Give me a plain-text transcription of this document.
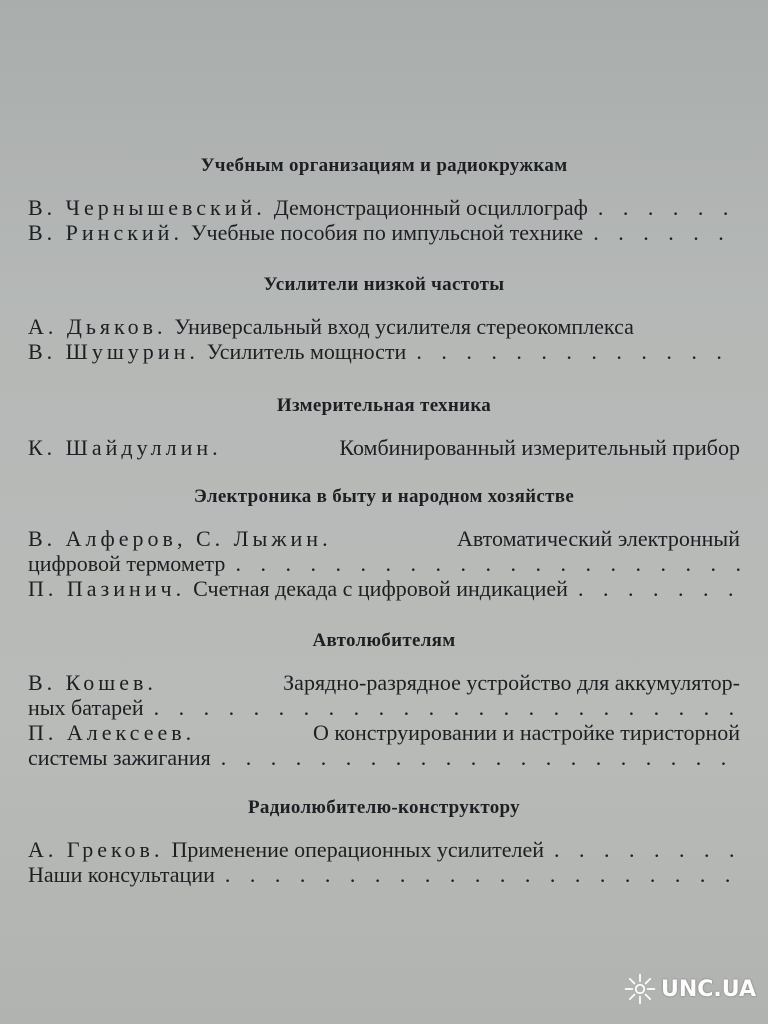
Учебным организациям и радиокружкам
В. Чернышевский. Демонстрационный осциллограф
. . .
В. Ринский. Учебные пособия по импульсной технике
. . .
Усилители низкой частоты
А. Дьяков. Универсальный вход усилителя стереокомплекса
В. Шушурин. Усилитель мощности
. . .
Измерительная техника
К. Шайдуллин.	Комбинированный измерительный прибор
Электроника в быту и народном хозяйстве
В. Алферов, С. Лыжин.	Автоматический электронный
цифровой термометр
. . .
П. Пазинич. Счетная декада с цифровой индикацией
. . .
Автолюбителям
В. Кошев.	Зарядно-разрядное устройство для аккумулятор-
ных батарей
. . .
П. Алексеев.	О конструировании и настройке тиристорной
системы зажигания
. . .
Радиолюбителю-конструктору
А. Греков. Применение операционных усилителей
. . .
Наши консультации
. . .
UNC.UA
